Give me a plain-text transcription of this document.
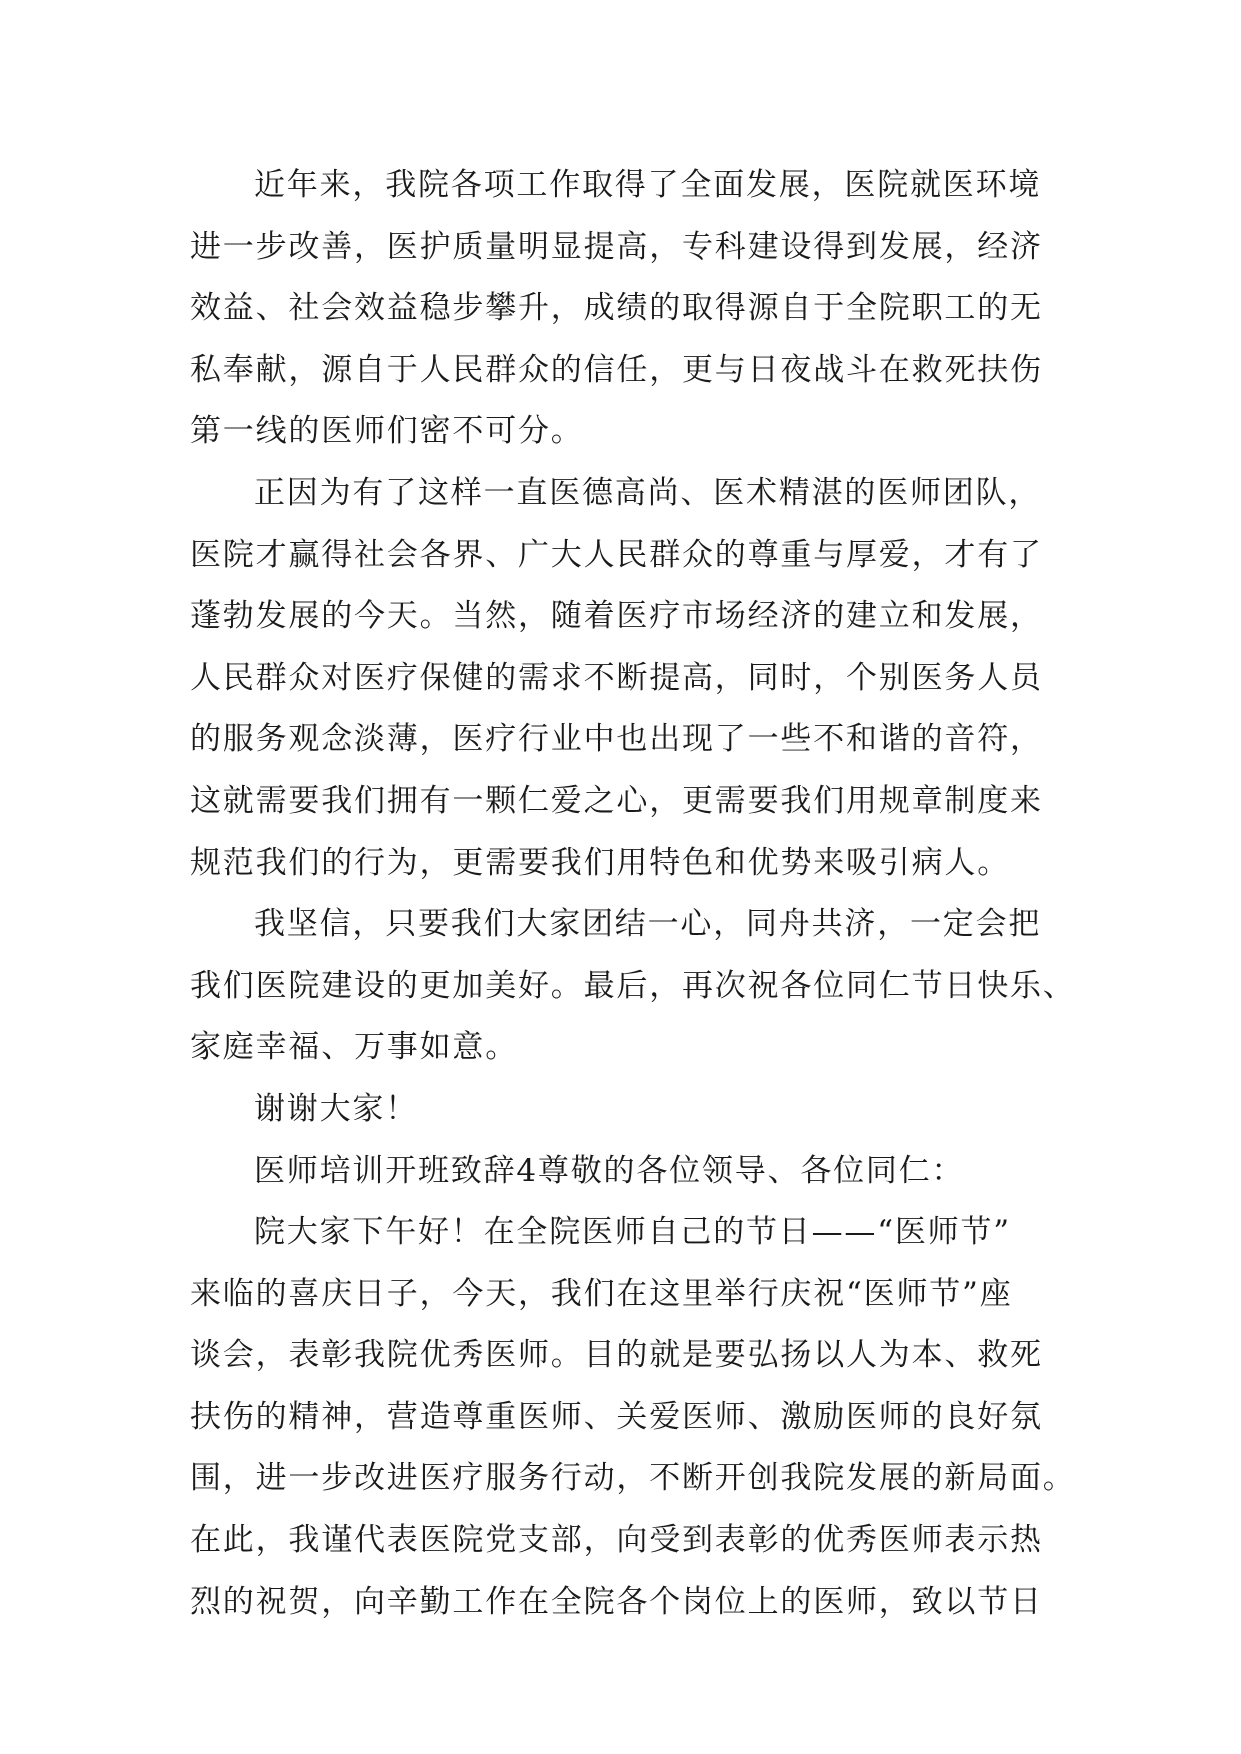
近年来，我院各项工作取得了全面发展，医院就医环境
进一步改善，医护质量明显提高，专科建设得到发展，经济
效益、社会效益稳步攀升，成绩的取得源自于全院职工的无
私奉献，源自于人民群众的信任，更与日夜战斗在救死扶伤
第一线的医师们密不可分。
正因为有了这样一直医德高尚、医术精湛的医师团队，
医院才赢得社会各界、广大人民群众的尊重与厚爱，才有了
蓬勃发展的今天。当然，随着医疗市场经济的建立和发展，
人民群众对医疗保健的需求不断提高，同时，个别医务人员
的服务观念淡薄，医疗行业中也出现了一些不和谐的音符，
这就需要我们拥有一颗仁爱之心，更需要我们用规章制度来
规范我们的行为，更需要我们用特色和优势来吸引病人。
我坚信，只要我们大家团结一心，同舟共济，一定会把
我们医院建设的更加美好。最后，再次祝各位同仁节日快乐、
家庭幸福、万事如意。
谢谢大家！
医师培训开班致辞4尊敬的各位领导、各位同仁：
院大家下午好！在全院医师自己的节日——“医师节”
来临的喜庆日子，今天，我们在这里举行庆祝“医师节”座
谈会，表彰我院优秀医师。目的就是要弘扬以人为本、救死
扶伤的精神，营造尊重医师、关爱医师、激励医师的良好氛
围，进一步改进医疗服务行动，不断开创我院发展的新局面。
在此，我谨代表医院党支部，向受到表彰的优秀医师表示热
烈的祝贺，向辛勤工作在全院各个岗位上的医师，致以节日
